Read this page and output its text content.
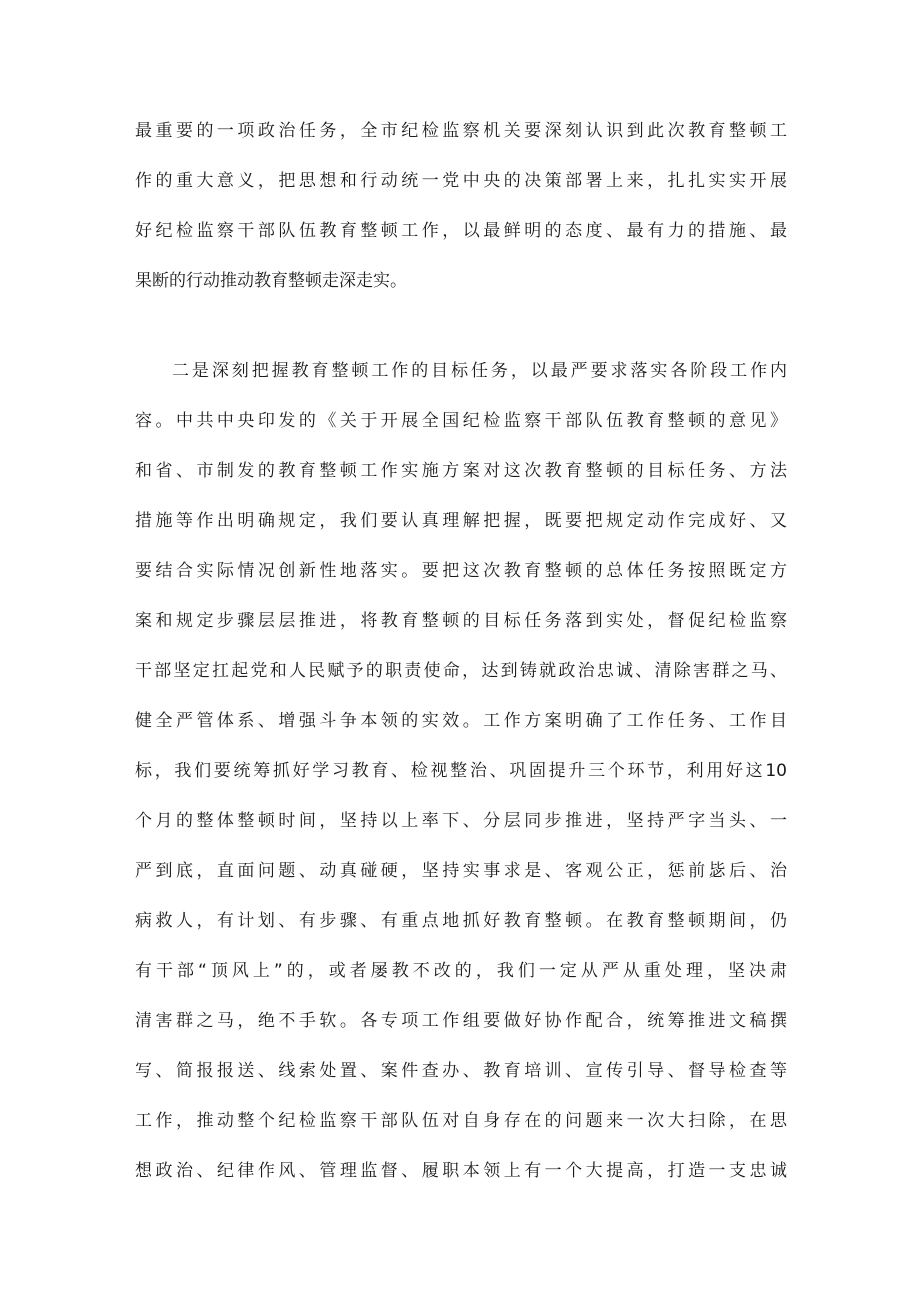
最重要的一项政治任务，全市纪检监察机关要深刻认识到此次教育整顿工
作的重大意义，把思想和行动统一党中央的决策部署上来，扎扎实实开展
好纪检监察干部队伍教育整顿工作，以最鲜明的态度、最有力的措施、最
果断的行动推动教育整顿走深走实。
二是深刻把握教育整顿工作的目标任务，以最严要求落实各阶段工作内
容。中共中央印发的《关于开展全国纪检监察干部队伍教育整顿的意见》
和省、市制发的教育整顿工作实施方案对这次教育整顿的目标任务、方法
措施等作出明确规定，我们要认真理解把握，既要把规定动作完成好、又
要结合实际情况创新性地落实。要把这次教育整顿的总体任务按照既定方
案和规定步骤层层推进，将教育整顿的目标任务落到实处，督促纪检监察
干部坚定扛起党和人民赋予的职责使命，达到铸就政治忠诚、清除害群之马、
健全严管体系、增强斗争本领的实效。工作方案明确了工作任务、工作目
标，我们要统筹抓好学习教育、检视整治、巩固提升三个环节，利用好这10
个月的整体整顿时间，坚持以上率下、分层同步推进，坚持严字当头、一
严到底，直面问题、动真碰硬，坚持实事求是、客观公正，惩前毖后、治
病救人，有计划、有步骤、有重点地抓好教育整顿。在教育整顿期间，仍
有干部“顶风上”的，或者屡教不改的，我们一定从严从重处理，坚决肃
清害群之马，绝不手软。各专项工作组要做好协作配合，统筹推进文稿撰
写、简报报送、线索处置、案件查办、教育培训、宣传引导、督导检查等
工作，推动整个纪检监察干部队伍对自身存在的问题来一次大扫除，在思
想政治、纪律作风、管理监督、履职本领上有一个大提高，打造一支忠诚
